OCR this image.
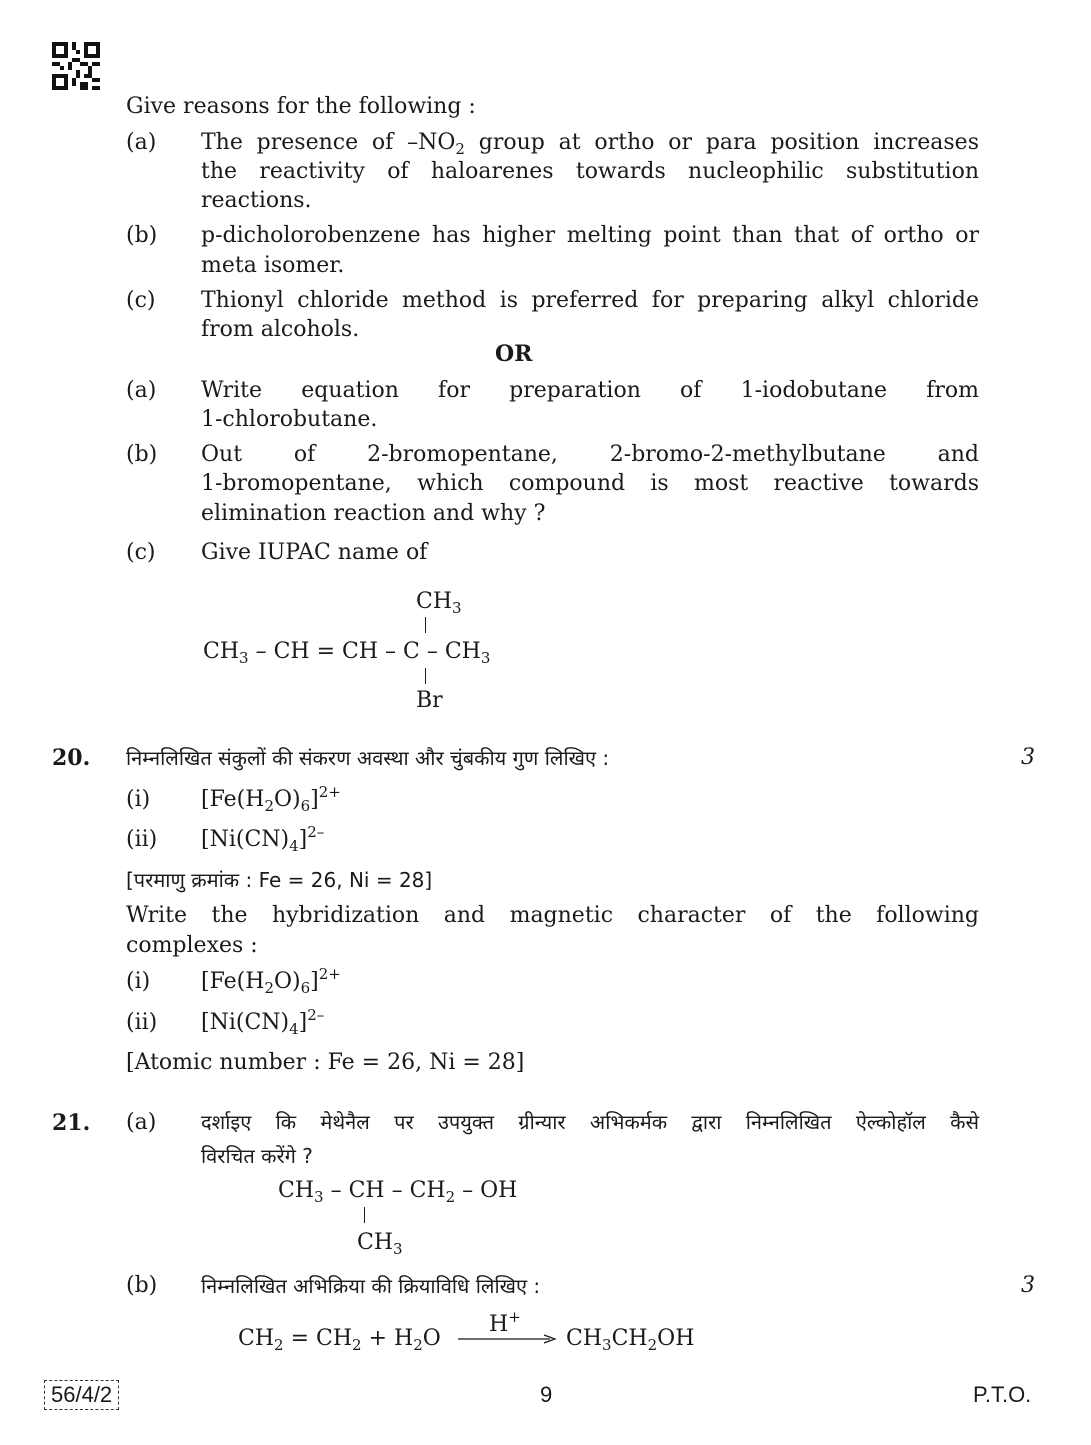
Give reasons for the following :
(a) The presence of $-NO_2$ group at ortho or para position increases
the reactivity of haloarenes towards nucleophilic substitution
reactions.
(b) p-dicholorobenzene has higher melting point than that of ortho or
meta isomer.
(c) Thionyl chloride method is preferred for preparing alkyl chloride
from alcohols.
OR
(a) Write equation for preparation of 1-iodobutane from
1-chlorobutane.
(b) Out of 2-bromopentane, 2-bromo-2-methylbutane and
1-bromopentane, which compound is most reactive towards
elimination reaction and why ?
(c) Give IUPAC name of
$CH_3$
$CH_3$ – CH = CH – C – $CH_3$
Br
20. निम्नलिखित संकुलों की संकरण अवस्था और चुंबकीय गुण लिखिए :	3
(i) $[Fe(H_2O)_6]^{2+}$
(ii) $[Ni(CN)_4]^{2-}$
[परमाणु क्रमांक : Fe = 26, Ni = 28]
Write the hybridization and magnetic character of the following
complexes :
(i) $[Fe(H_2O)_6]^{2+}$
(ii) $[Ni(CN)_4]^{2-}$
[Atomic number : Fe = 26, Ni = 28]
21. (a) दर्शाइए कि मेथेनैल पर उपयुक्त ग्रीन्यार अभिकर्मक द्वारा निम्नलिखित ऐल्कोहॉल कैसे
विरचित करेंगे ?
$CH_3$ – CH – $CH_2$ – OH
$CH_3$
(b) निम्नलिखित अभिक्रिया की क्रियाविधि लिखिए :	3
$CH_2 = CH_2 + H_2O$
H+
$CH_3CH_2OH$
56/4/2	9	P.T.O.
